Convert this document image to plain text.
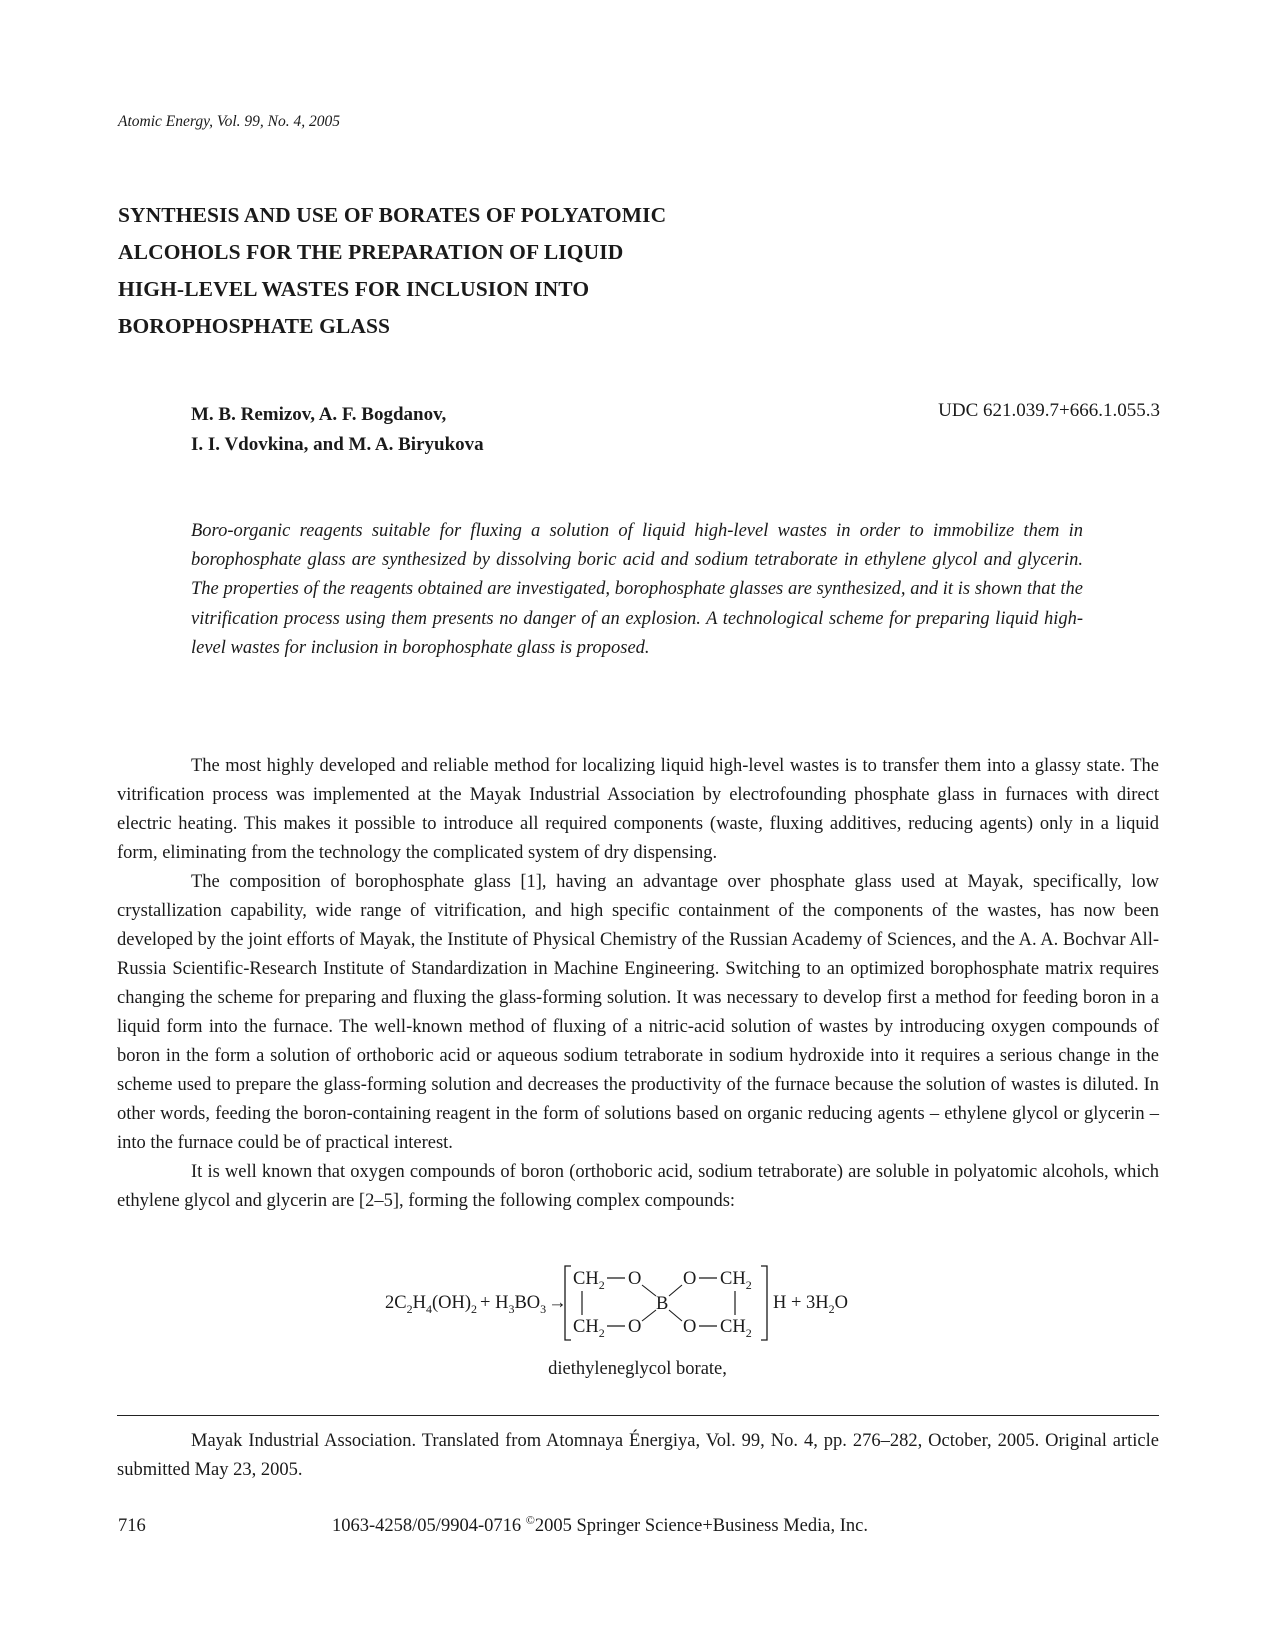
Atomic Energy, Vol. 99, No. 4, 2005
SYNTHESIS AND USE OF BORATES OF POLYATOMIC
ALCOHOLS FOR THE PREPARATION OF LIQUID
HIGH-LEVEL WASTES FOR INCLUSION INTO
BOROPHOSPHATE GLASS
M. B. Remizov, A. F. Bogdanov,
I. I. Vdovkina, and M. A. Biryukova
UDC 621.039.7+666.1.055.3
Boro-organic reagents suitable for fluxing a solution of liquid high-level wastes in order to immobilize them in borophosphate glass are synthesized by dissolving boric acid and sodium tetraborate in ethylene glycol and glycerin. The properties of the reagents obtained are investigated, borophosphate glasses are synthesized, and it is shown that the vitrification process using them presents no danger of an explosion. A technological scheme for preparing liquid high-level wastes for inclusion in borophosphate glass is proposed.

The most highly developed and reliable method for localizing liquid high-level wastes is to transfer them into a glassy state. The vitrification process was implemented at the Mayak Industrial Association by electrofounding phosphate glass in furnaces with direct electric heating. This makes it possible to introduce all required components (waste, fluxing additives, reducing agents) only in a liquid form, eliminating from the technology the complicated system of dry dispensing.

The composition of borophosphate glass [1], having an advantage over phosphate glass used at Mayak, specifically, low crystallization capability, wide range of vitrification, and high specific containment of the components of the wastes, has now been developed by the joint efforts of Mayak, the Institute of Physical Chemistry of the Russian Academy of Sciences, and the A. A. Bochvar All-Russia Scientific-Research Institute of Standardization in Machine Engineering. Switching to an optimized borophosphate matrix requires changing the scheme for preparing and fluxing the glass-forming solution. It was necessary to develop first a method for feeding boron in a liquid form into the furnace. The well-known method of fluxing of a nitric-acid solution of wastes by introducing oxygen compounds of boron in the form a solution of orthoboric acid or aqueous sodium tetraborate in sodium hydroxide into it requires a serious change in the scheme used to prepare the glass-forming solution and decreases the productivity of the furnace because the solution of wastes is diluted. In other words, feeding the boron-containing reagent in the form of solutions based on organic reducing agents – ethylene glycol or glycerin – into the furnace could be of practical interest.

It is well known that oxygen compounds of boron (orthoboric acid, sodium tetraborate) are soluble in polyatomic alcohols, which ethylene glycol and glycerin are [2–5], forming the following complex compounds:

$2C_2H_4(OH)_2 + H_3BO_3$ →
$CH_2$ O O $CH_2$
B
$CH_2$ O O $CH_2$
$H + 3H_2O$
diethyleneglycol borate,

Mayak Industrial Association. Translated from Atomnaya Énergiya, Vol. 99, No. 4, pp. 276–282, October, 2005. Original article submitted May 23, 2005.

716	1063-4258/05/9904-0716 ©2005 Springer Science+Business Media, Inc.
